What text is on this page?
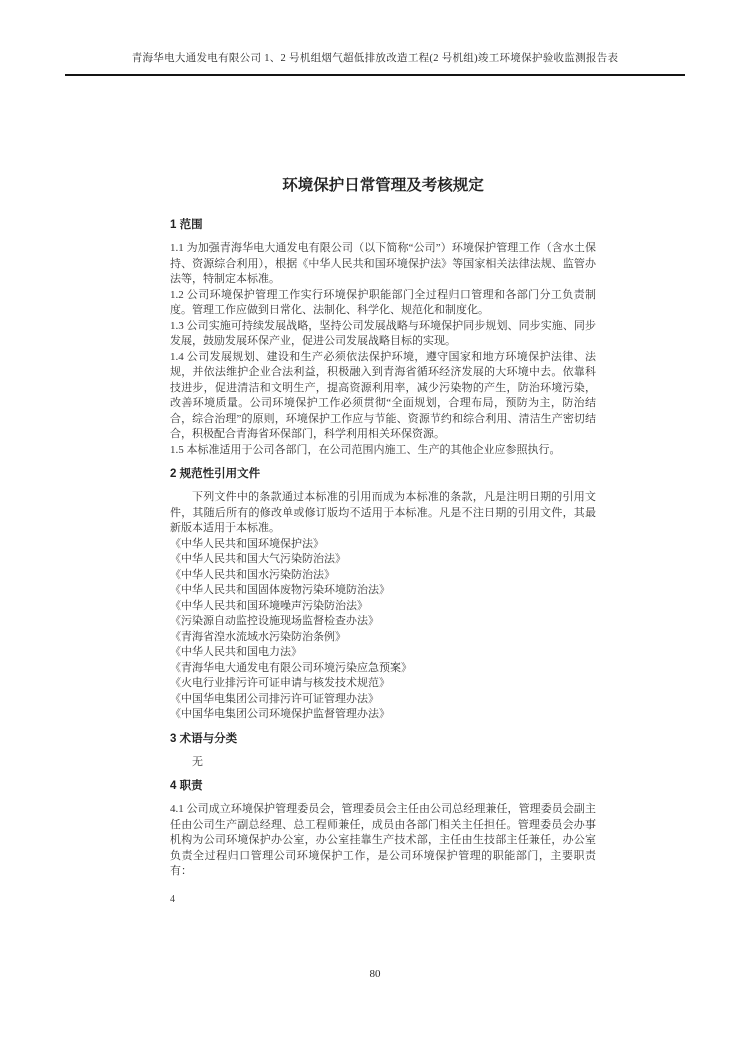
青海华电大通发电有限公司 1、2 号机组烟气超低排放改造工程(2 号机组)竣工环境保护验收监测报告表
环境保护日常管理及考核规定
1 范围

1.1 为加强青海华电大通发电有限公司（以下简称“公司”）环境保护管理工作（含水土保持、资源综合利用），根据《中华人民共和国环境保护法》等国家相关法律法规、监管办法等，特制定本标准。

1.2 公司环境保护管理工作实行环境保护职能部门全过程归口管理和各部门分工负责制度。管理工作应做到日常化、法制化、科学化、规范化和制度化。

1.3 公司实施可持续发展战略，坚持公司发展战略与环境保护同步规划、同步实施、同步发展，鼓励发展环保产业，促进公司发展战略目标的实现。

1.4 公司发展规划、建设和生产必须依法保护环境，遵守国家和地方环境保护法律、法规，并依法维护企业合法利益，积极融入到青海省循环经济发展的大环境中去。依靠科技进步，促进清洁和文明生产，提高资源利用率，减少污染物的产生，防治环境污染，改善环境质量。公司环境保护工作必须贯彻“全面规划，合理布局，预防为主，防治结合，综合治理”的原则，环境保护工作应与节能、资源节约和综合利用、清洁生产密切结合，积极配合青海省环保部门，科学利用相关环保资源。

1.5 本标准适用于公司各部门，在公司范围内施工、生产的其他企业应参照执行。

2 规范性引用文件

下列文件中的条款通过本标准的引用而成为本标准的条款，凡是注明日期的引用文件，其随后所有的修改单或修订版均不适用于本标准。凡是不注日期的引用文件，其最新版本适用于本标准。

《中华人民共和国环境保护法》
《中华人民共和国大气污染防治法》
《中华人民共和国水污染防治法》
《中华人民共和国固体废物污染环境防治法》
《中华人民共和国环境噪声污染防治法》
《污染源自动监控设施现场监督检查办法》
《青海省湟水流域水污染防治条例》
《中华人民共和国电力法》
《青海华电大通发电有限公司环境污染应急预案》
《火电行业排污许可证申请与核发技术规范》
《中国华电集团公司排污许可证管理办法》
《中国华电集团公司环境保护监督管理办法》
3 术语与分类

无

4 职责

4.1 公司成立环境保护管理委员会，管理委员会主任由公司总经理兼任，管理委员会副主任由公司生产副总经理、总工程师兼任，成员由各部门相关主任担任。管理委员会办事机构为公司环境保护办公室，办公室挂靠生产技术部，主任由生技部主任兼任，办公室负责全过程归口管理公司环境保护工作，是公司环境保护管理的职能部门，主要职责有：

4
80
